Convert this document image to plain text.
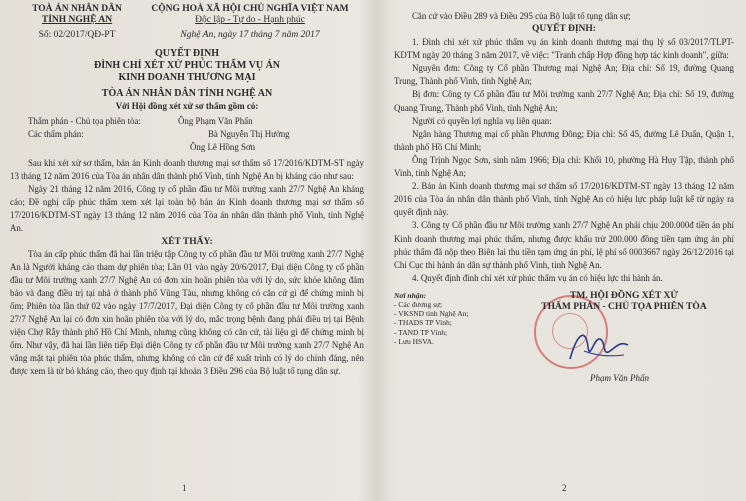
TOÀ ÁN NHÂN DÂN
TỈNH NGHỆ AN
Số: 02/2017/QĐ-PT
CỘNG HOÀ XÃ HỘI CHỦ NGHĨA VIỆT NAM
Độc lập - Tự do - Hạnh phúc
Nghệ An, ngày 17 tháng 7 năm 2017
QUYẾT ĐỊNH
ĐÌNH CHỈ XÉT XỬ PHÚC THẨM VỤ ÁN
KINH DOANH THƯƠNG MẠI
TÒA ÁN NHÂN DÂN TỈNH NGHỆ AN
Với Hội đồng xét xử sơ thẩm gồm có:
Thẩm phán - Chủ tọa phiên tòa:	Ông Phạm Văn Phấn
Các thẩm phán:	Bà Nguyễn Thị Hường
Ông Lê Hồng Sơn

Sau khi xét xử sơ thẩm, bản án Kinh doanh thương mại sơ thẩm số 17/2016/KDTM-ST ngày 13 tháng 12 năm 2016 của Tòa án nhân dân thành phố Vinh, tỉnh Nghệ An bị kháng cáo như sau:

Ngày 21 tháng 12 năm 2016, Công ty cổ phần đầu tư Môi trường xanh 27/7 Nghệ An kháng cáo; Đề nghị cấp phúc thẩm xem xét lại toàn bộ bản án Kinh doanh thương mại sơ thẩm số 17/2016/KDTM-ST ngày 13 tháng 12 năm 2016 của Tòa án nhân dân thành phố Vinh, tỉnh Nghệ An.

XÉT THẤY:

Tòa án cấp phúc thẩm đã hai lần triệu tập Công ty cổ phần đầu tư Môi trường xanh 27/7 Nghệ An là Người kháng cáo tham dự phiên tòa; Lần 01 vào ngày 20/6/2017, Đại diện Công ty cổ phần đầu tư Môi trường xanh 27/7 Nghệ An có đơn xin hoãn phiên tòa với lý do, sức khỏe không đảm bảo và đang điều trị tại nhà ở thành phố Vũng Tàu, nhưng không có căn cứ gì để chứng minh bị ốm; Phiên tòa lần thứ 02 vào ngày 17/7/2017, Đại diện Công ty cổ phần đầu tư Môi trường xanh 27/7 Nghệ An lại có đơn xin hoãn phiên tòa với lý do, mắc trọng bệnh đang phải điều trị tại Bệnh viện Chợ Rẫy thành phố Hồ Chí Minh, nhưng cũng không có căn cứ, tài liệu gì để chứng minh bị ốm. Như vậy, đã hai lần liên tiếp Đại diện Công ty cổ phần đầu tư Môi trường xanh 27/7 Nghệ An vắng mặt tại phiên tòa phúc thẩm, nhưng không có căn cứ để xuất trình có lý do chính đáng, nên được xem là từ bỏ kháng cáo, theo quy định tại khoản 3 Điều 296 của Bộ luật tố tụng dân sự.

1

Căn cứ vào Điều 289 và Điều 295 của Bộ luật tố tụng dân sự;

QUYẾT ĐỊNH:

1. Đình chỉ xét xử phúc thẩm vụ án kinh doanh thương mại thụ lý số 03/2017/TLPT-KDTM ngày 20 tháng 3 năm 2017, về việc: "Tranh chấp Hợp đồng hợp tác kinh doanh", giữa:

Nguyên đơn: Công ty Cổ phần Thương mại Nghệ An; Địa chỉ: Số 19, đường Quang Trung, Thành phố Vinh, tỉnh Nghệ An;

Bị đơn: Công ty Cổ phần đầu tư Môi trường xanh 27/7 Nghệ An; Địa chỉ: Số 19, đường Quang Trung, Thành phố Vinh, tỉnh Nghệ An;

Người có quyền lợi nghĩa vụ liên quan:

Ngân hàng Thương mại cổ phần Phương Đông; Địa chỉ: Số 45, đường Lê Duẩn, Quận 1, thành phố Hồ Chí Minh;

Ông Trịnh Ngọc Sơn, sinh năm 1966; Địa chỉ: Khối 10, phường Hà Huy Tập, thành phố Vinh, tỉnh Nghệ An;

2. Bản án Kinh doanh thương mại sơ thẩm số 17/2016/KDTM-ST ngày 13 tháng 12 năm 2016 của Tòa án nhân dân thành phố Vinh, tỉnh Nghệ An có hiệu lực pháp luật kể từ ngày ra quyết định này.

3. Công ty Cổ phần đầu tư Môi trường xanh 27/7 Nghệ An phải chịu 200.000đ tiền án phí Kinh doanh thương mại phúc thẩm, nhưng được khấu trừ 200.000 đồng tiền tạm ứng án phí phúc thẩm đã nộp theo Biên lai thu tiền tạm ứng án phí, lệ phí số 0003667 ngày 26/12/2016 tại Chi Cục thi hành án dân sự thành phố Vinh, tỉnh Nghệ An.

4. Quyết định đình chỉ xét xử phúc thẩm vụ án có hiệu lực thi hành án.

Nơi nhận:
- Các đương sự;
- VKSND tỉnh Nghệ An;
- THADS TP Vinh;
- TAND TP Vinh;
- Lưu HSVA.
TM. HỘI ĐỒNG XÉT XỬ
THẨM PHÁN - CHỦ TỌA PHIÊN TÒA
Phạm Văn Phấn
2
